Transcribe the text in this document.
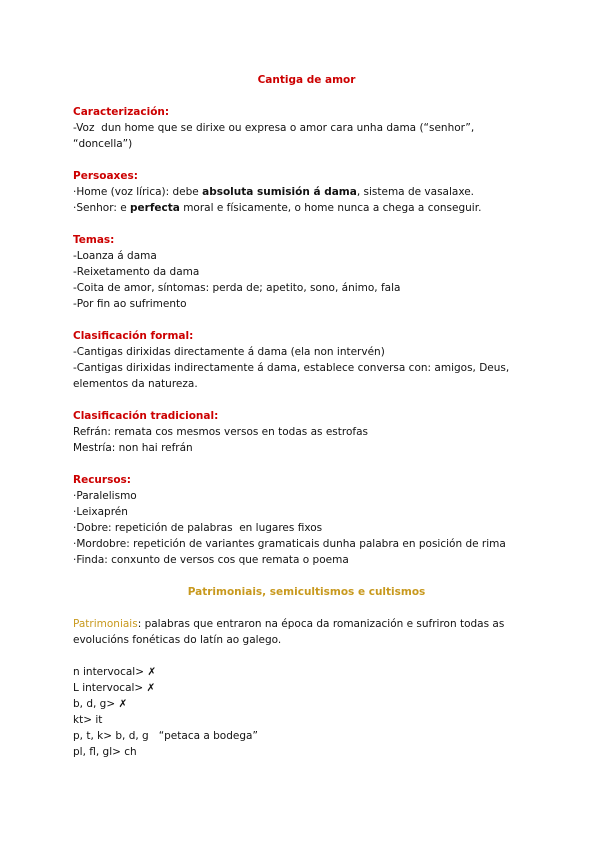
Cantiga de amor
Caracterización:
-Voz  dun home que se dirixe ou expresa o amor cara unha dama (“senhor”,
“doncella”)
Persoaxes:
·Home (voz lírica): debe absoluta sumisión á dama, sistema de vasalaxe.
·Senhor: e perfecta moral e físicamente, o home nunca a chega a conseguir.
Temas:
-Loanza á dama
-Reixetamento da dama
-Coita de amor, síntomas: perda de; apetito, sono, ánimo, fala
-Por fin ao sufrimento
Clasificación formal:
-Cantigas dirixidas directamente á dama (ela non intervén)
-Cantigas dirixidas indirectamente á dama, establece conversa con: amigos, Deus,
elementos da natureza.
Clasificación tradicional:
Refrán: remata cos mesmos versos en todas as estrofas
Mestría: non hai refrán
Recursos:
·Paralelismo
·Leixaprén
·Dobre: repetición de palabras  en lugares fixos
·Mordobre: repetición de variantes gramaticais dunha palabra en posición de rima
·Finda: conxunto de versos cos que remata o poema
Patrimoniais, semicultismos e cultismos
Patrimoniais: palabras que entraron na época da romanización e sufriron todas as
evolucións fonéticas do latín ao galego.
n intervocal> ✗
L intervocal> ✗
b, d, g> ✗
kt> it
p, t, k> b, d, g   “petaca a bodega”
pl, fl, gl> ch
